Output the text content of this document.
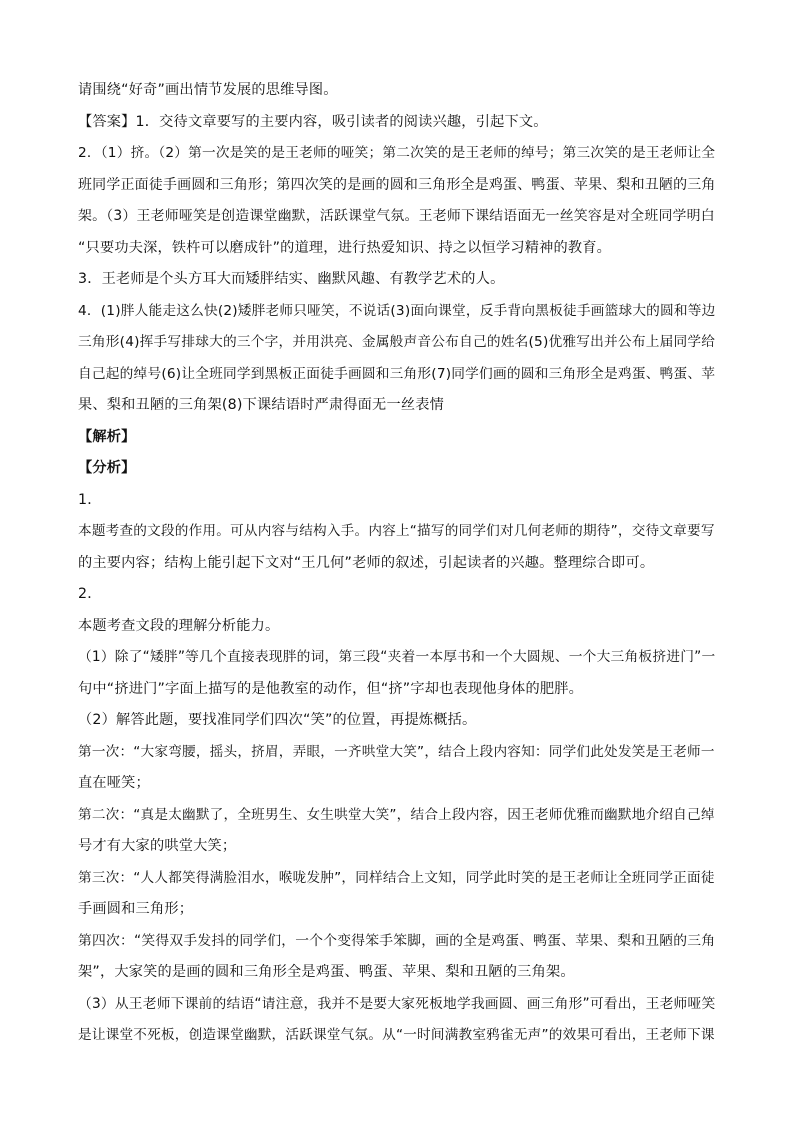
请围绕“好奇”画出情节发展的思维导图。

【答案】1．交待文章要写的主要内容，吸引读者的阅读兴趣，引起下文。

2．（1）挤。（2）第一次是笑的是王老师的哑笑；第二次笑的是王老师的绰号；第三次笑的是王老师让全

班同学正面徒手画圆和三角形；第四次笑的是画的圆和三角形全是鸡蛋、鸭蛋、苹果、梨和丑陋的三角

架。（3）王老师哑笑是创造课堂幽默，活跃课堂气氛。王老师下课结语面无一丝笑容是对全班同学明白

“只要功夫深，铁杵可以磨成针”的道理，进行热爱知识、持之以恒学习精神的教育。

3．王老师是个头方耳大而矮胖结实、幽默风趣、有教学艺术的人。

4．(1)胖人能走这么快(2)矮胖老师只哑笑，不说话(3)面向课堂，反手背向黑板徒手画篮球大的圆和等边

三角形(4)挥手写排球大的三个字，并用洪亮、金属般声音公布自己的姓名(5)优雅写出并公布上届同学给

自己起的绰号(6)让全班同学到黑板正面徒手画圆和三角形(7)同学们画的圆和三角形全是鸡蛋、鸭蛋、苹

果、梨和丑陋的三角架(8)下课结语时严肃得面无一丝表情

【解析】

【分析】

1．

本题考查的文段的作用。可从内容与结构入手。内容上“描写的同学们对几何老师的期待”，交待文章要写

的主要内容；结构上能引起下文对“王几何”老师的叙述，引起读者的兴趣。整理综合即可。

2．

本题考查文段的理解分析能力。

（1）除了“矮胖”等几个直接表现胖的词，第三段“夹着一本厚书和一个大圆规、一个大三角板挤进门”一

句中“挤进门”字面上描写的是他教室的动作，但“挤”字却也表现他身体的肥胖。

（2）解答此题，要找准同学们四次“笑”的位置，再提炼概括。

第一次：“大家弯腰，摇头，挤眉，弄眼，一齐哄堂大笑”，结合上段内容知：同学们此处发笑是王老师一

直在哑笑；

第二次：“真是太幽默了，全班男生、女生哄堂大笑”，结合上段内容，因王老师优雅而幽默地介绍自己绰

号才有大家的哄堂大笑；

第三次：“人人都笑得满脸泪水，喉咙发肿”，同样结合上文知，同学此时笑的是王老师让全班同学正面徒

手画圆和三角形；

第四次：“笑得双手发抖的同学们，一个个变得笨手笨脚，画的全是鸡蛋、鸭蛋、苹果、梨和丑陋的三角

架”，大家笑的是画的圆和三角形全是鸡蛋、鸭蛋、苹果、梨和丑陋的三角架。

（3）从王老师下课前的结语“请注意，我并不是要大家死板地学我画圆、画三角形”可看出，王老师哑笑

是让课堂不死板，创造课堂幽默，活跃课堂气氛。从“一时间满教室鸦雀无声”的效果可看出，王老师下课
